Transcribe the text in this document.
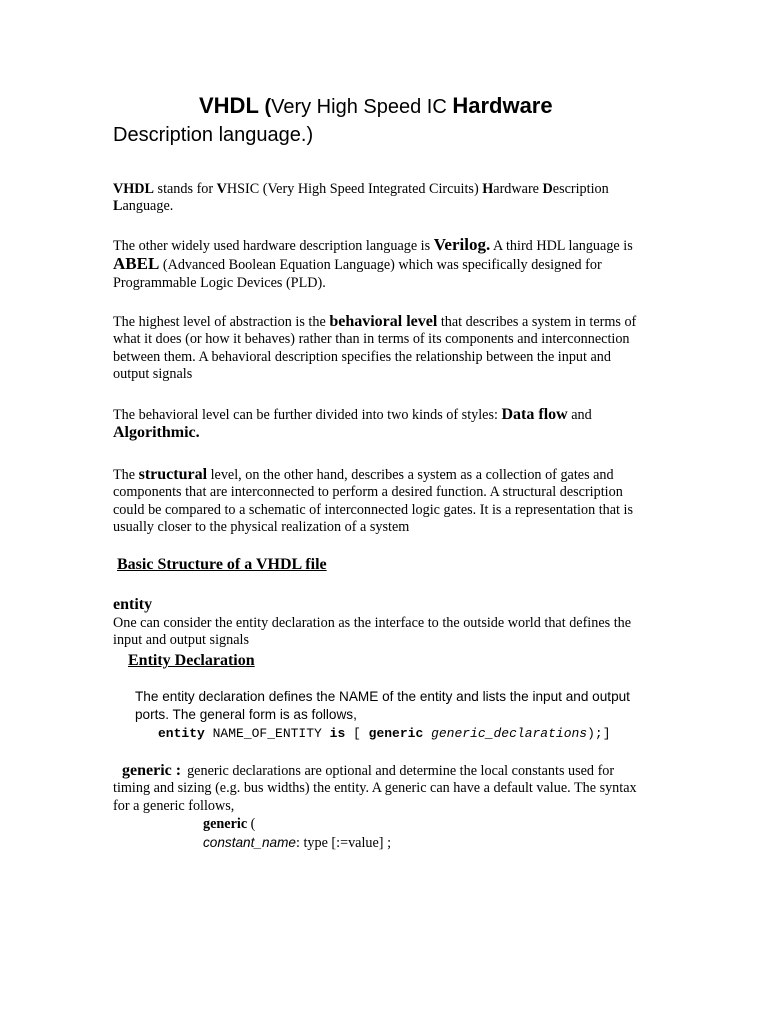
VHDL (Very High Speed IC Hardware
Description language.)
VHDL stands for VHSIC (Very High Speed Integrated Circuits) Hardware Description Language.
The other widely used hardware description language is Verilog. A third HDL language is ABEL (Advanced Boolean Equation Language) which was specifically designed for Programmable Logic Devices (PLD).
The highest level of abstraction is the behavioral level that describes a system in terms of what it does (or how it behaves) rather than in terms of its components and interconnection between them. A behavioral description specifies the relationship between the input and output signals
The behavioral level can be further divided into two kinds of styles: Data flow and Algorithmic.
The structural level, on the other hand, describes a system as a collection of gates and components that are interconnected to perform a desired function. A structural description could be compared to a schematic of interconnected logic gates. It is a representation that is usually closer to the physical realization of a system
Basic Structure of a VHDL file
entity
One can consider the entity declaration as the interface to the outside world that defines the input and output signals
Entity Declaration
The entity declaration defines the NAME of the entity and lists the input and output ports. The general form is as follows,
entity NAME_OF_ENTITY is [ generic generic_declarations);]
generic : generic declarations are optional and determine the local constants used for timing and sizing (e.g. bus widths) the entity. A generic can have a default value. The syntax for a generic follows,
generic (
constant_name: type [:=value] ;
